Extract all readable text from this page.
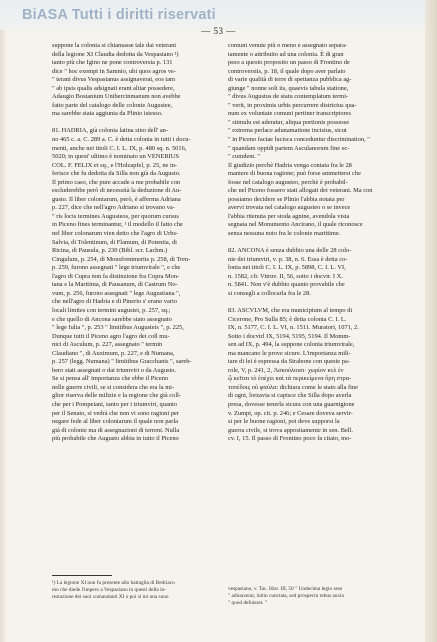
BiASA Tutti i diritti riservati
— 53 —
suppone la colonia si chiamasse tale dai veterani
della legione XI Claudia dedotta da Vespasiano ¹)
tanto più che Igino ne pone controversia p. 131
dice " hoc exempt in Samnio, ubi quos agros ve-
" terani divus Vespasianus assignaverat, eos tam
" ab ipsis qualis adsignati erant alitar possedere,
Adaugio Bostanium Unibercinmanum non avebbe
fatto parte del catalogo delle colonie Augustee,
ma sarebbe stata aggiunta da Plinio istesso.

81. HADRIA, già colonia latina sino dell' an-
no 465 c. a. C. 289 a. C. è detta colonia in tutti i docu-
menti, anche nei titoli C. I. L. IX, p. 480 sq. n. 5016,
5020; in quest' ultimo è nominato un VENERIUS
COL. F. FELIX et sq., e l'Holzapfel, p. 25, ne in-
ferisce che fu dedotta da Silla non già da Augusto.
Il primo caso, che pure accade a me probabile con
escluderebbe però di necessità la deduzione di Au-
gusto. Il liber coloniarum, però, è afferma Adriana
p. 227, dice che nell'agro Adriano si trovano va-
" ris locis termines Augusteos, per quorum cursus
in Piceno fines terminantur, ¹ il modello il fatto che
nel liber colonarum vien detto che l'agro di Urbs-
Salvia, di Tolentinum, di Flamum, di Potentia, di
Ricina, di Pausula, p. 230 (Bibl. scr. Lachm.)
Cingulum, p. 254, di Monsfrentmerits p. 258, di Tren-
p. 259, furono assegnati " lege triumvirale ", e che
l'agro di Cupra non fa distinzione fra Cupra Mon-
tana e la Maritima, di Pausanum, di Castrum No-
vum, p. 256, furono assegnati " lege Augustiana ",
che nell'agro di Hadria e di Pinerio s' erano vario
locali limites con termini augustei, p. 257, sq.;
e che quello di Ancona sarebbe stato assegnato
" lege Iulia ", p. 253 " limitibus Augusteis ", p. 225,
Dunque tutti il Piceno agro l'agro dei coll mu-
nici di Asculum, p. 227, assegnato " termin
Claudiano ", di Auximum, p. 227, e di Numana,
p. 257 (legg. Numana) " limitibus Gracchanis ", sareb-
bero stati assegnati o dai triumviri o da Augusto.
Se si pensa all' importanza che ebbe il Piceno
nelle guerre civili, se si considera che era la mi-
glior riserva delle milizie e la regione che già coll-
che per i Pompeiani, tanto per i triumviri, quanto
per il Senato, si vedrà che non vi sono ragioni per
negare fede al liber coloniarum il quale non parla
già di colonie ma di assegnazioni di terreni. Nulla
più probabile che Augusto abbia in tutto il Piceno
comuni venute più o meno e assegnato separa-
tamente o attribuito ad una colonia. È di gran
peso a questo proposito un passo di Frontino de
controversiis, p. 18, il quale dopo aver parlato
di varie qualità di terre di spettanza pubblica ag-
giunge " nonne soli iis, quaevis tabula statione,
" divus Augustus de statu contemplatum termi-
" verit, in proximis urbis percurrere districtus qua-
num ex voluntate comuni pertiner transcriptores
" stimulu est aderatur, aliqua portionis possesse
" extrema perlace adunamatione incisius, sicut
" in Piceno factae lucisca conceduntur discrimination, "
" quandam oppidi partem Asculanorum fine ec-
" cumdent. "
Il giudizio perchè Hadria venga contata fra le 28
maniere di buona ragione; può forse ammettersi che
fosse nel catalogo augusteo, perchè è probabil-
che nel Piceno fossero stati allogati dei veterani. Ma con
possiamo decidere se Plinio l'abbia notata per
avervi trovata nel catalogo augusteo o se invece
l'abbia ritenuta per stoda agnine, avendola vista
segnata nel Monumento Ancirano, il quale riconosce
senza nessuna noto fra le colonie marittime.

82. ANCONA è senza dubbio una delle 28 colo-
nie dei triumviri, v. p. 38, n. 6. Essa è detta co-
lonia nei titoli C. I. L. IX, p. 5898, C. I. L. VI,
n. 1582, cfr. Vitruv. II, 56, sotto i docvir. I X.
n. 5841. Non v'è dubbio quanto provabile che
si consegli a collocarla fra le 28.

83. ASCVLVM, che era municipium al tempo di
Cicerone, Pro Sulla 85; è detta colonia C. I. L.
IX, n. 5177, C. I. L. VI, n. 1511. Muratori, 1071, 2.
Sotto i docvirl IX, 5194, 5195, 5194. Il Momm-
sen ad IX, p. 494, la suppone colonia triumvirale,
ma mancano le prove sicure. L'importanza mili-
tare di lei è espressa da Strabone con queste pa-
role, V, p. 241, 2, Ἀσκούλοισι· χωρίον κτλ ἐν
ᾧ κεῖται τὸ ἐπέχει καὶ τὰ περικείμενα ὄρη στρα-
τοπέδοις οὐ φαύλα: dichiara come le stato alla fine
di ogni, lorzavia si capisce che Silla dopo averla
presa, dovesse tenerla sicura con una guarnigione
v. Zumpt, op. cit. p. 246; e Cesare doveva servir-
si per le buone ragioni, poi deve supporsi la
guerra civile, si trova appositamente in sen. Bell.
cv. I, 15. Il passo di Frontino poco fa citato, mo-
¹) La legione XI non fu presente allo battaglia di Bedriaco
mo che diede l'impero a Vespasiano in questi della in-
restazione dei suoi comandanti XI o poi si mi una sono
vespasiano, v. Tac. Hist. III, 50 " Undecima legio sese
" adiunxerat, initio cunctata, sed prospectu rebus anxia
" quod defuisset. "
